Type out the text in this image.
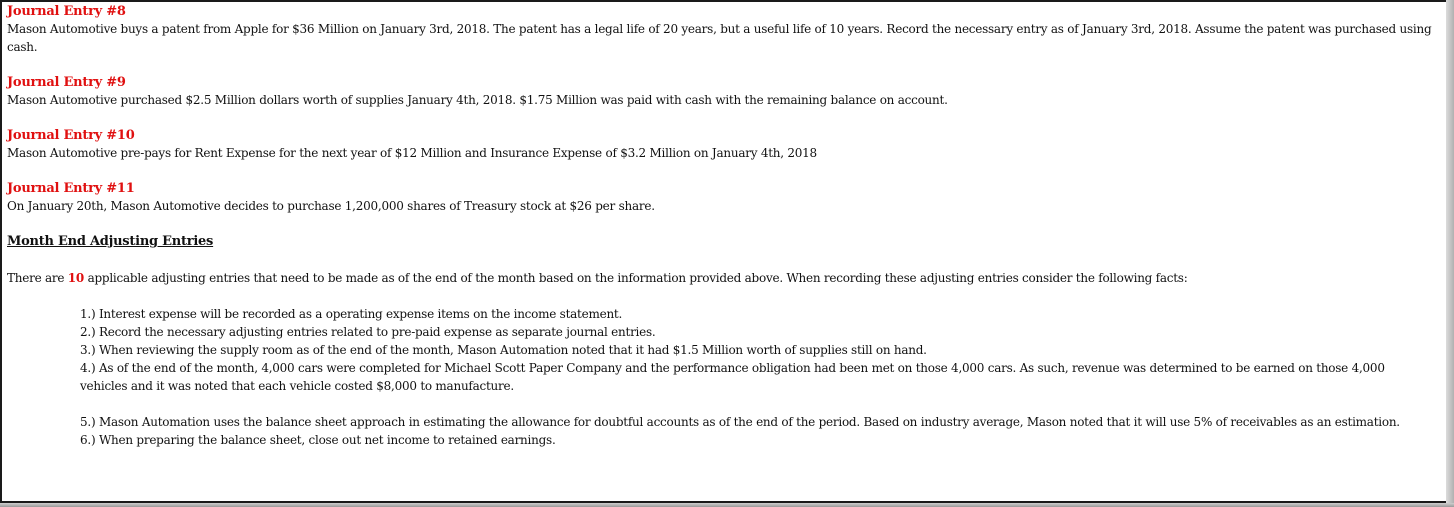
Journal Entry #8
Mason Automotive buys a patent from Apple for $36 Million on January 3rd, 2018. The patent has a legal life of 20 years, but a useful life of 10 years. Record the necessary entry as of January 3rd, 2018. Assume the patent was purchased using cash.
Journal Entry #9
Mason Automotive purchased $2.5 Million dollars worth of supplies January 4th, 2018. $1.75 Million was paid with cash with the remaining balance on account.
Journal Entry #10
Mason Automotive pre-pays for Rent Expense for the next year of $12 Million and Insurance Expense of $3.2 Million on January 4th, 2018
Journal Entry #11
On January 20th, Mason Automotive decides to purchase 1,200,000 shares of Treasury stock at $26 per share.
Month End Adjusting Entries
There are 10 applicable adjusting entries that need to be made as of the end of the month based on the information provided above. When recording these adjusting entries consider the following facts:
1.) Interest expense will be recorded as a operating expense items on the income statement.
2.) Record the necessary adjusting entries related to pre-paid expense as separate journal entries.
3.) When reviewing the supply room as of the end of the month, Mason Automation noted that it had $1.5 Million worth of supplies still on hand.
4.) As of the end of the month, 4,000 cars were completed for Michael Scott Paper Company and the performance obligation had been met on those 4,000 cars. As such, revenue was determined to be earned on those 4,000 vehicles and it was noted that each vehicle costed $8,000 to manufacture.
5.) Mason Automation uses the balance sheet approach in estimating the allowance for doubtful accounts as of the end of the period. Based on industry average, Mason noted that it will use 5% of receivables as an estimation.
6.) When preparing the balance sheet, close out net income to retained earnings.
